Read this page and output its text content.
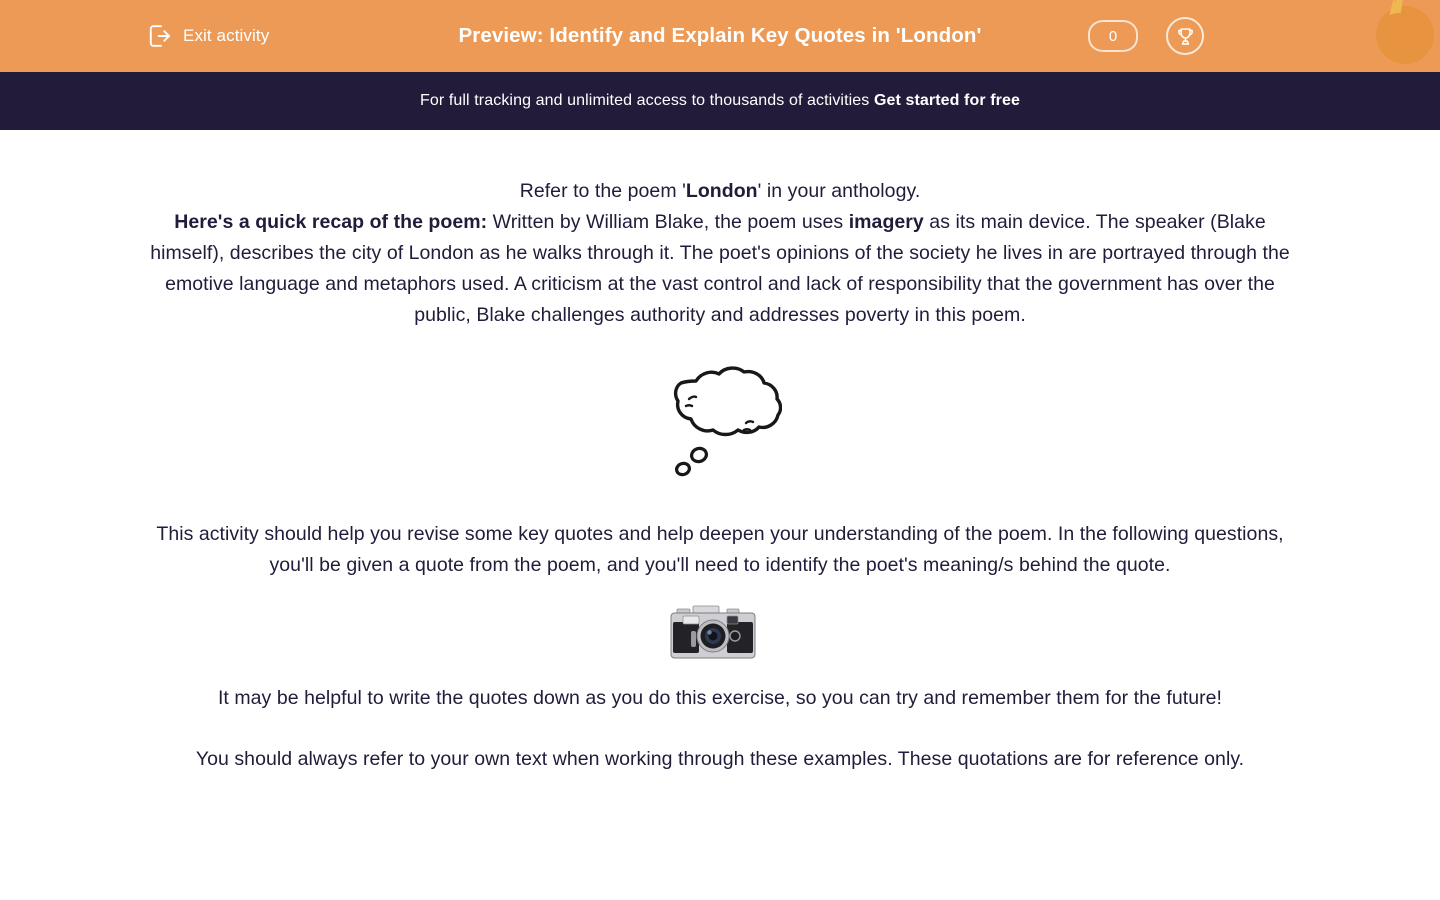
Exit activity	Preview: Identify and Explain Key Quotes in 'London'	0
For full tracking and unlimited access to thousands of activities Get started for free

Refer to the poem 'London' in your anthology.

Here's a quick recap of the poem: Written by William Blake, the poem uses imagery as its main device. The speaker (Blake himself), describes the city of London as he walks through it. The poet's opinions of the society he lives in are portrayed through the emotive language and metaphors used. A criticism at the vast control and lack of responsibility that the government has over the public, Blake challenges authority and addresses poverty in this poem.

This activity should help you revise some key quotes and help deepen your understanding of the poem. In the following questions, you'll be given a quote from the poem, and you'll need to identify the poet's meaning/s behind the quote.

It may be helpful to write the quotes down as you do this exercise, so you can try and remember them for the future!

You should always refer to your own text when working through these examples. These quotations are for reference only.
